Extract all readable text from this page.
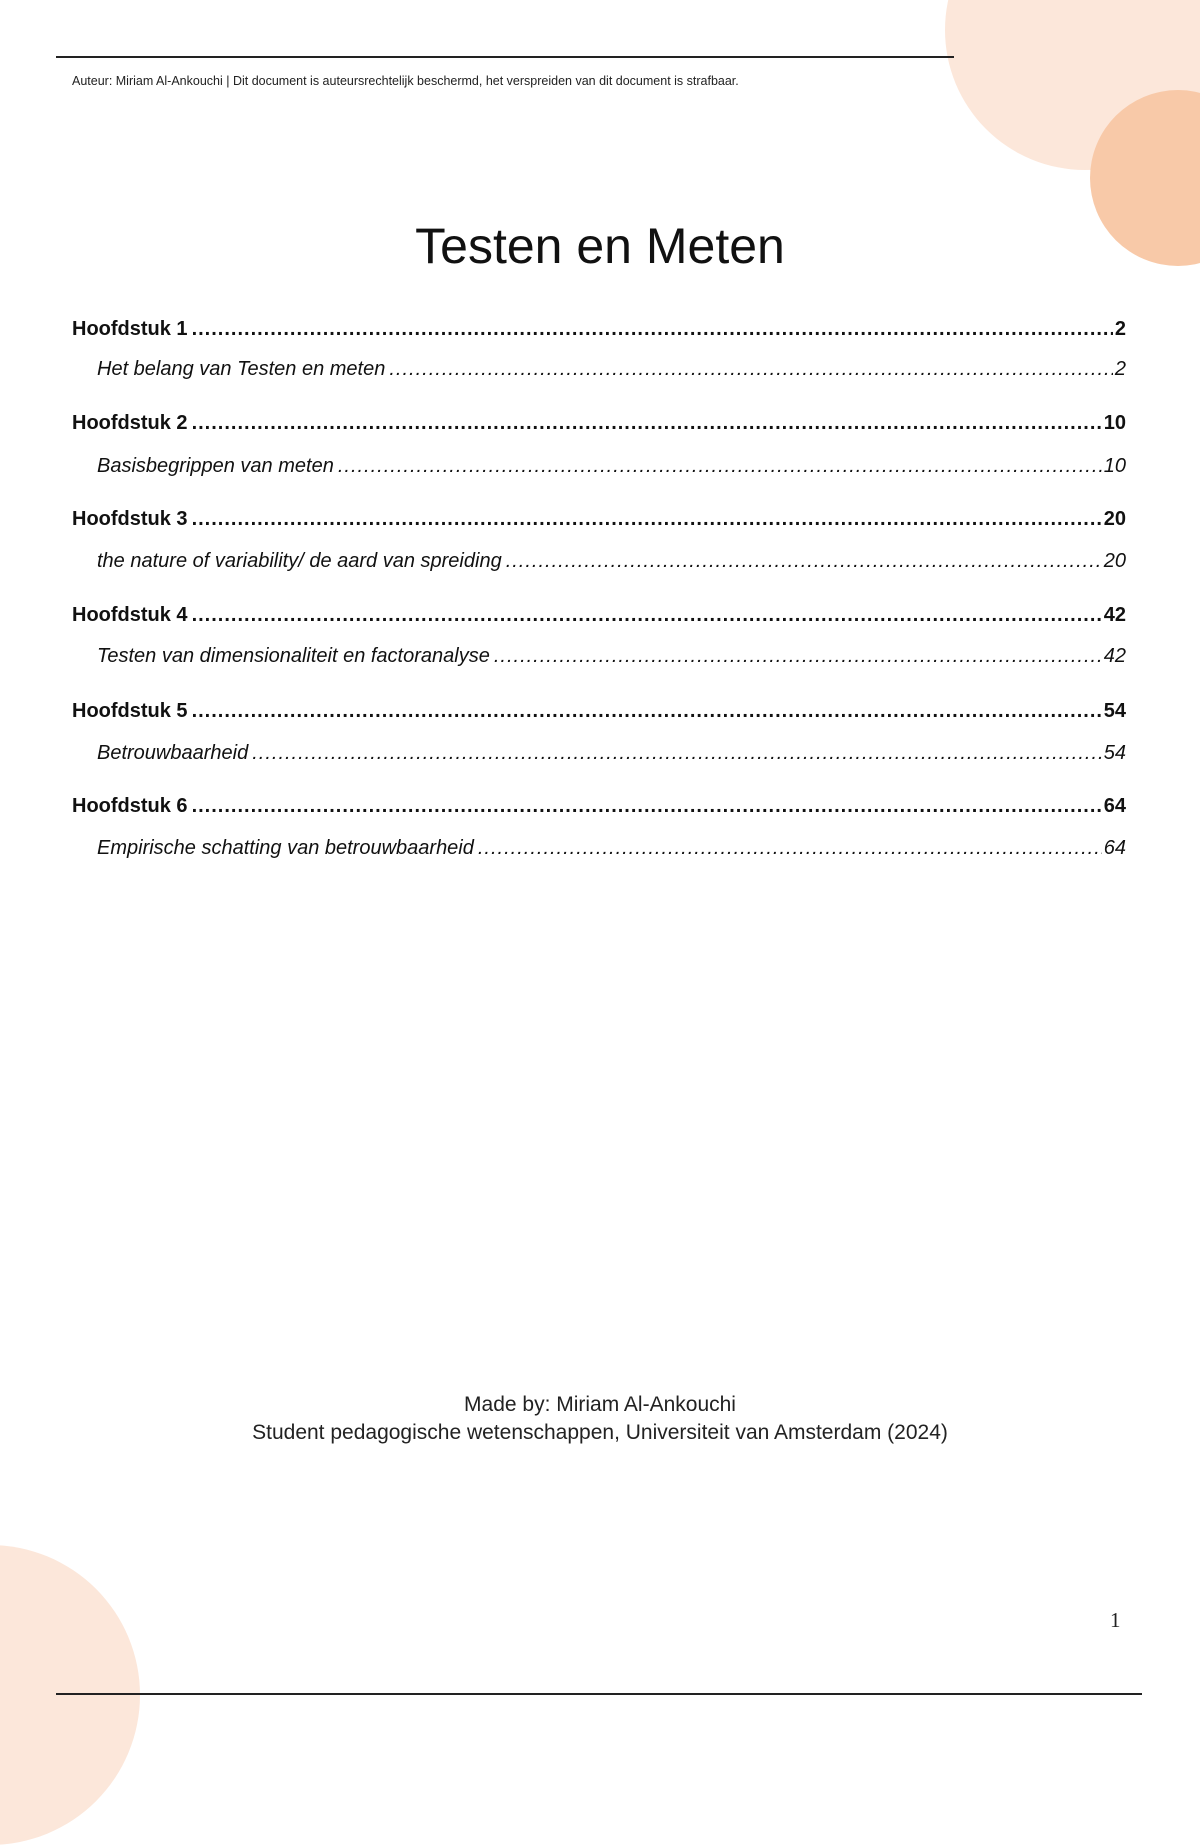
Auteur: Miriam Al-Ankouchi | Dit document is auteursrechtelijk beschermd, het verspreiden van dit document is strafbaar.
Testen en Meten
Hoofdstuk 1 .....	2
Het belang van Testen en meten .....	2
Hoofdstuk 2 .....	10
Basisbegrippen van meten .....	10
Hoofdstuk 3 .....	20
the nature of variability/ de aard van spreiding .....	20
Hoofdstuk 4 .....	42
Testen van dimensionaliteit en factoranalyse .....	42
Hoofdstuk 5 .....	54
Betrouwbaarheid .....	54
Hoofdstuk 6 .....	64
Empirische schatting van betrouwbaarheid .....	64
Made by: Miriam Al-Ankouchi
Student pedagogische wetenschappen, Universiteit van Amsterdam (2024)
1
